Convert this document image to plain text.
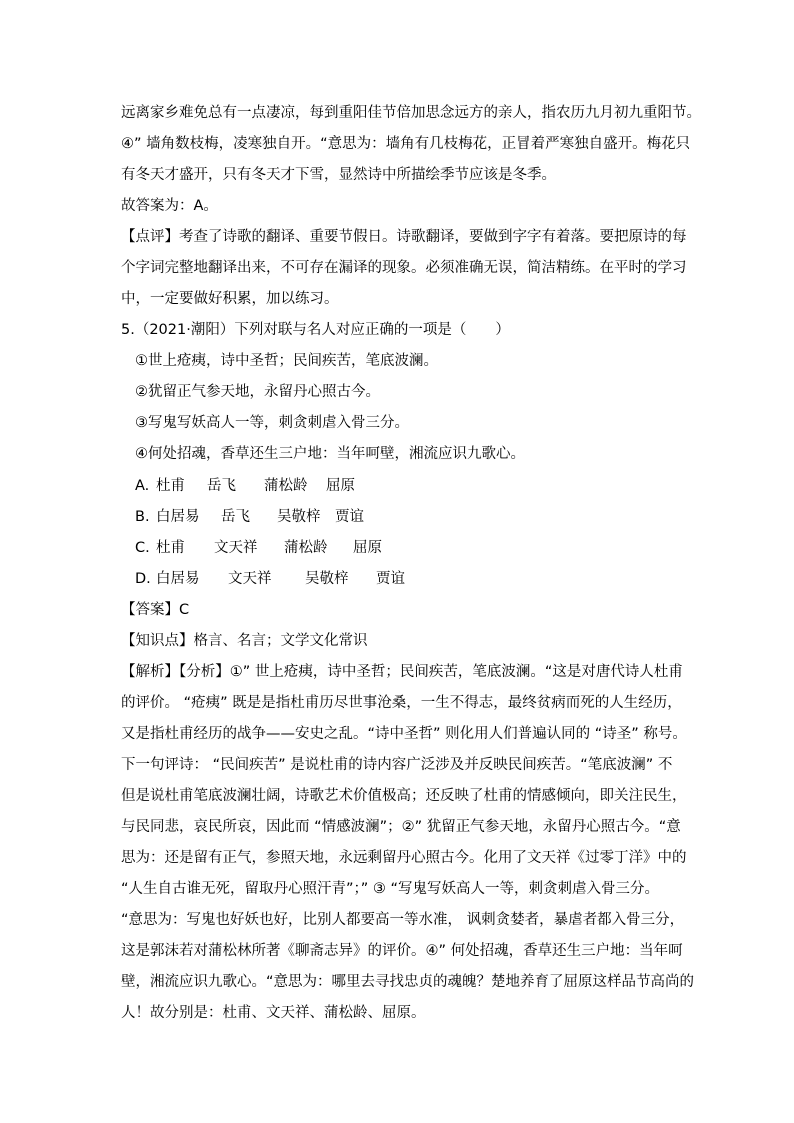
远离家乡难免总有一点凄凉，每到重阳佳节倍加思念远方的亲人，指农历九月初九重阳节。
④” 墙角数枝梅，凌寒独自开。“意思为：墙角有几枝梅花，正冒着严寒独自盛开。梅花只
有冬天才盛开，只有冬天才下雪，显然诗中所描绘季节应该是冬季。
故答案为：A。
【点评】考查了诗歌的翻译、重要节假日。诗歌翻译，要做到字字有着落。要把原诗的每
个字词完整地翻译出来，不可存在漏译的现象。必须准确无误，简洁精练。在平时的学习
中，一定要做好积累，加以练习。
5.（2021·潮阳）下列对联与名人对应正确的一项是（　　）
①世上疮痍，诗中圣哲；民间疾苦，笔底波澜。
②犹留正气参天地，永留丹心照古今。
③写鬼写妖高人一等，刺贪刺虐入骨三分。
④何处招魂，香草还生三户地：当年呵壁，湘流应识九歌心。
A. 杜甫 岳飞 蒲松龄 屈原
B. 白居易 岳飞 吴敬梓 贾谊
C. 杜甫 文天祥 蒲松龄 屈原
D. 白居易 文天祥 吴敬梓 贾谊
【答案】C
【知识点】格言、名言；文学文化常识
【解析】【分析】①” 世上疮痍，诗中圣哲；民间疾苦，笔底波澜。“这是对唐代诗人杜甫
的评价。 “疮痍” 既是是指杜甫历尽世事沧桑，一生不得志，最终贫病而死的人生经历，
又是指杜甫经历的战争——安史之乱。“诗中圣哲” 则化用人们普遍认同的 “诗圣” 称号。
下一句评诗： “民间疾苦” 是说杜甫的诗内容广泛涉及并反映民间疾苦。“笔底波澜” 不
但是说杜甫笔底波澜壮阔，诗歌艺术价值极高；还反映了杜甫的情感倾向，即关注民生，
与民同悲，哀民所哀，因此而 “情感波澜”；②” 犹留正气参天地，永留丹心照古今。“意
思为：还是留有正气，参照天地，永远剩留丹心照古今。化用了文天祥《过零丁洋》中的
“人生自古谁无死，留取丹心照汗青”；” ③ “写鬼写妖高人一等，刺贪刺虐入骨三分。
“意思为：写鬼也好妖也好，比别人都要高一等水准， 讽刺贪婪者，暴虐者都入骨三分，
这是郭沫若对蒲松林所著《聊斋志异》的评价。④” 何处招魂，香草还生三户地：当年呵
壁，湘流应识九歌心。“意思为：哪里去寻找忠贞的魂魄？楚地养育了屈原这样品节高尚的
人！故分别是：杜甫、文天祥、蒲松龄、屈原。
